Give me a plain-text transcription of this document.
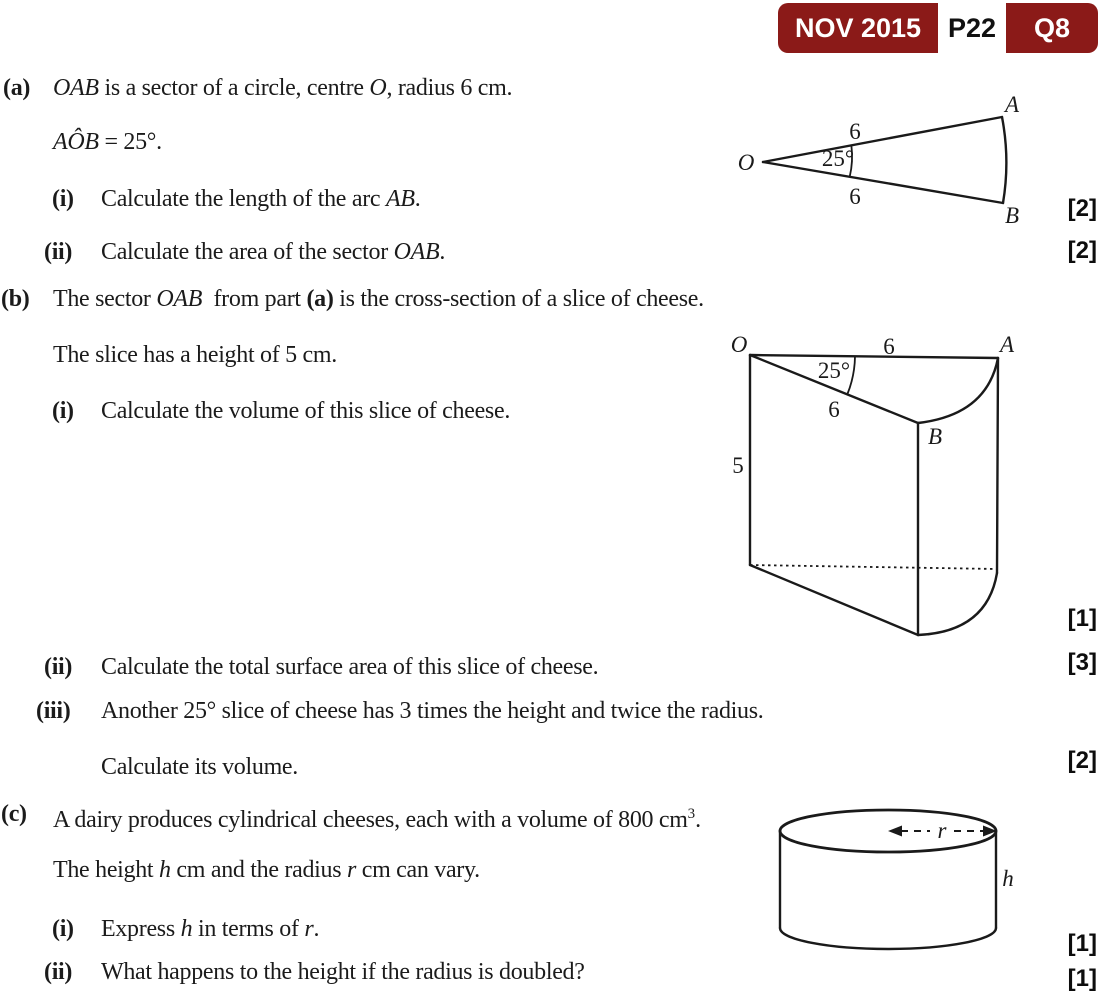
NOV 2015 P22	Q8
(a) OAB is a sector of a circle, centre O, radius 6 cm.
AÔB = 25°.
(i) Calculate the length of the arc AB.
(ii) Calculate the area of the sector OAB.
(b) The sector OAB  from part (a) is the cross-section of a slice of cheese.
The slice has a height of 5 cm.
(i) Calculate the volume of this slice of cheese.
(ii) Calculate the total surface area of this slice of cheese.
(iii) Another 25° slice of cheese has 3 times the height and twice the radius.
Calculate its volume.
(c) A dairy produces cylindrical cheeses, each with a volume of 800 $cm^3$.
The height h cm and the radius r cm can vary.
(i) Express h in terms of r.
(ii) What happens to the height if the radius is doubled?
[2]
[2]
[1]
[3]
[2]
[1]
[1]
O
A
B
6
25°
6
O	A
6
25°
6
B
5
r
h
